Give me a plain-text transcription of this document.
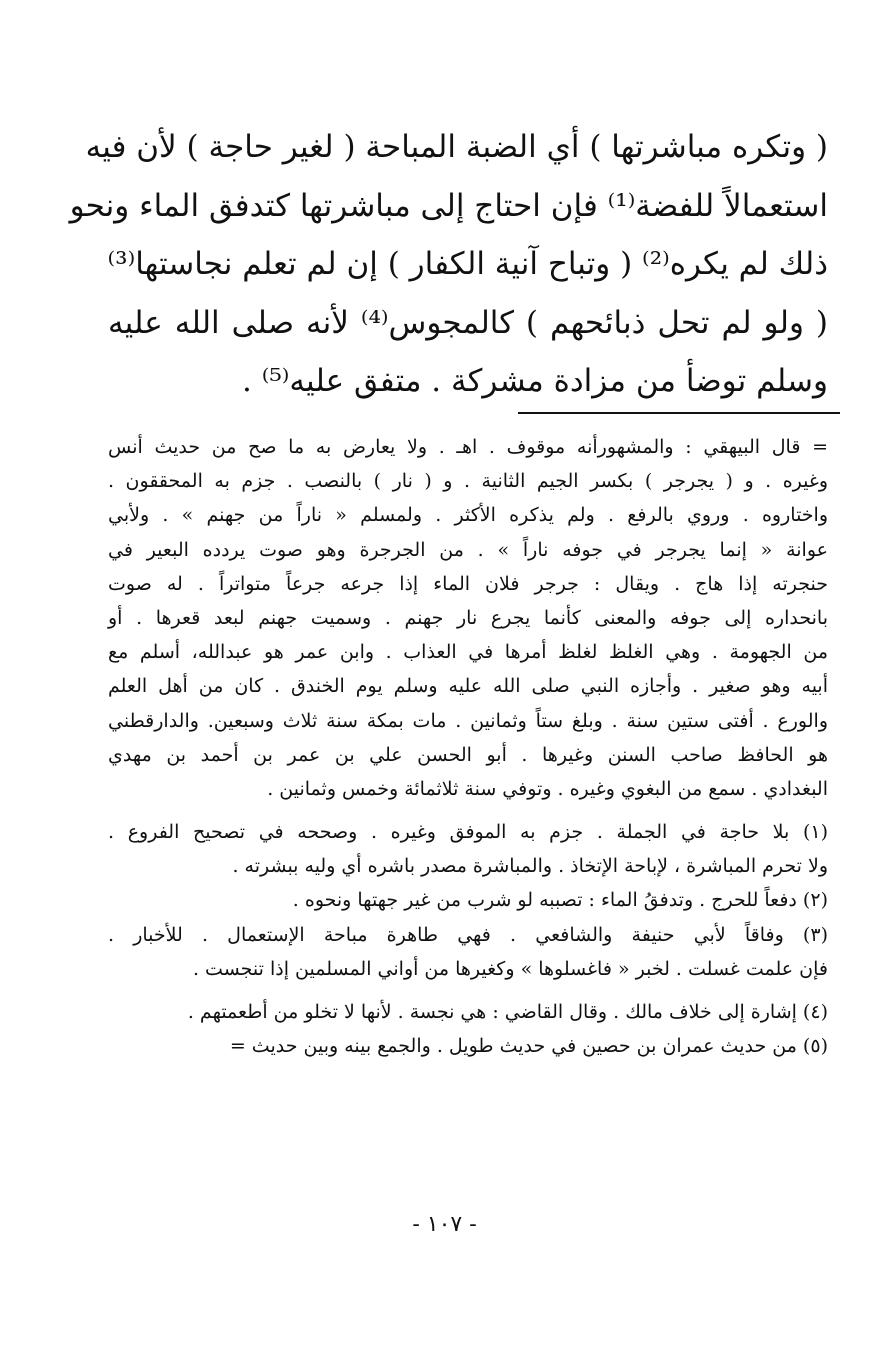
( وتكره مباشرتها ) أي الضبة المباحة ( لغير حاجة ) لأن فيه
استعمالاً للفضة⁽¹⁾ فإن احتاج إلى مباشرتها كتدفق الماء ونحو
ذلك لم يكره⁽²⁾ ( وتباح آنية الكفار ) إن لم تعلم نجاستها⁽³⁾
( ولو لم تحل ذبائحهم ) كالمجوس⁽⁴⁾ لأنه صلى الله عليه
وسلم توضأ من مزادة مشركة . متفق عليه⁽⁵⁾ .
= قال البيهقي : والمشهورأنه موقوف . اهـ . ولا يعارض به ما صح من حديث أنس
وغيره . و ( يجرجر ) بكسر الجيم الثانية . و ( نار ) بالنصب . جزم به المحققون .
واختاروه . وروي بالرفع . ولم يذكره الأكثر . ولمسلم « ناراً من جهنم » . ولأبي
عوانة « إنما يجرجر في جوفه ناراً » . من الجرجرة وهو صوت يردده البعير في
حنجرته إذا هاج . ويقال : جرجر فلان الماء إذا جرعه جرعاً متواتراً . له صوت
بانحداره إلى جوفه والمعنى كأنما يجرع نار جهنم . وسميت جهنم لبعد قعرها . أو
من الجهومة . وهي الغلظ لغلظ أمرها في العذاب . وابن عمر هو عبدالله، أسلم مع
أبيه وهو صغير . وأجازه النبي صلى الله عليه وسلم يوم الخندق . كان من أهل العلم
والورع . أفتى ستين سنة . وبلغ ستاً وثمانين . مات بمكة سنة ثلاث وسبعين. والدارقطني
هو الحافظ صاحب السنن وغيرها . أبو الحسن علي بن عمر بن أحمد بن مهدي
البغدادي . سمع من البغوي وغيره . وتوفي سنة ثلاثمائة وخمس وثمانين .
(١) بلا حاجة في الجملة . جزم به الموفق وغيره . وصححه في تصحيح الفروع .
ولا تحرم المباشرة ، لإباحة الإتخاذ . والمباشرة مصدر باشره أي وليه ببشرته .
(٢) دفعاً للحرج . وتدفقُ الماء : تصببه لو شرب من غير جهتها ونحوه .
(٣) وفاقاً لأبي حنيفة والشافعي . فهي طاهرة مباحة الإستعمال . للأخبار .
فإن علمت غسلت . لخبر « فاغسلوها » وكغيرها من أواني المسلمين إذا تنجست .
(٤) إشارة إلى خلاف مالك . وقال القاضي : هي نجسة . لأنها لا تخلو من أطعمتهم .
(٥) من حديث عمران بن حصين في حديث طويل . والجمع بينه وبين حديث =
- ١٠٧ -
